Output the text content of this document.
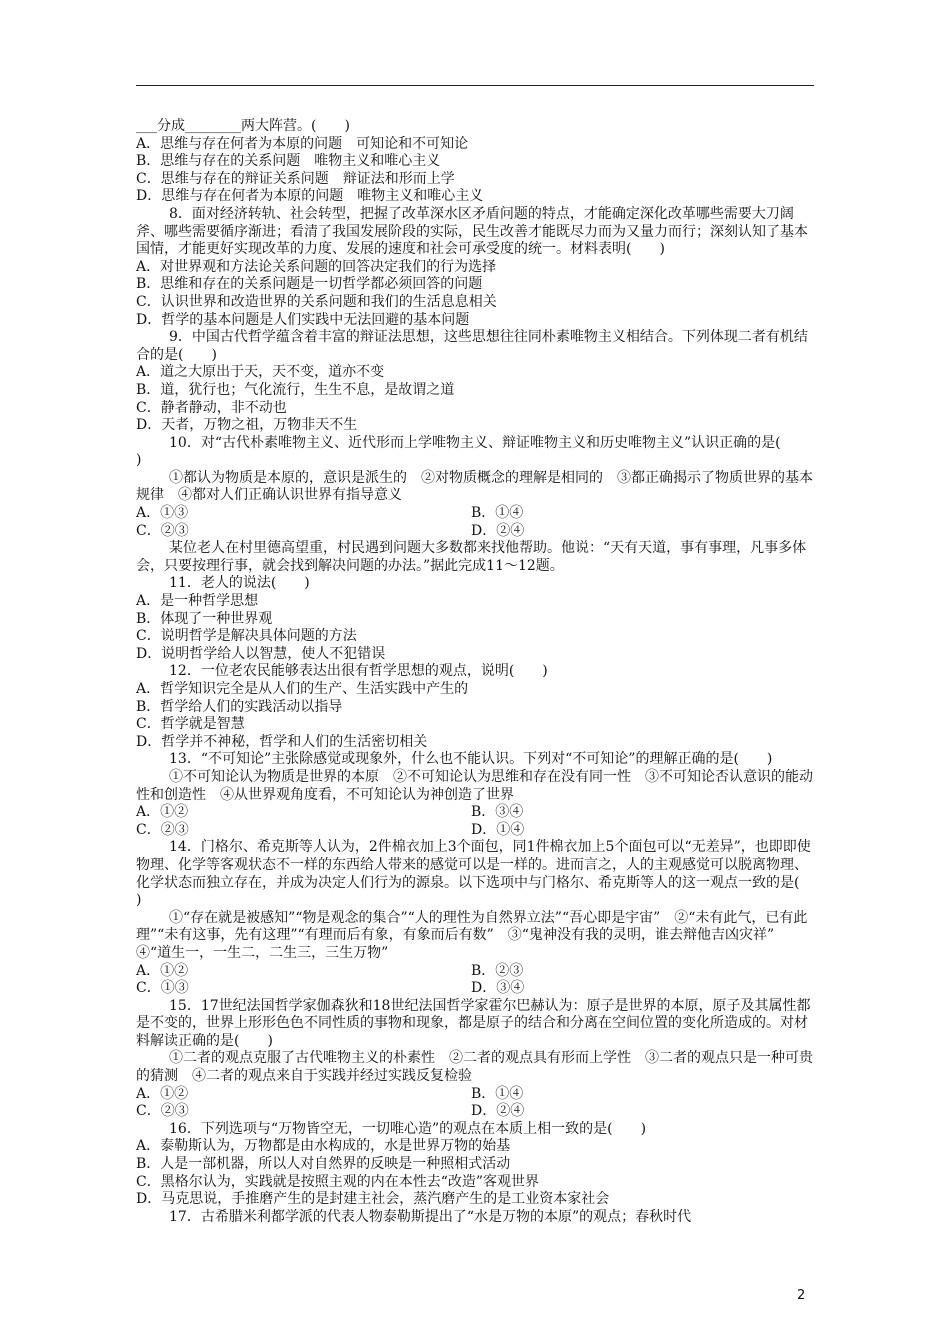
___分成________两大阵营。(　　)

A．思维与存在何者为本原的问题　可知论和不可知论

B．思维与存在的关系问题　唯物主义和唯心主义

C．思维与存在的辩证关系问题　辩证法和形而上学

D．思维与存在何者为本原的问题　唯物主义和唯心主义

8．面对经济转轨、社会转型，把握了改革深水区矛盾问题的特点，才能确定深化改革哪些需要大刀阔斧、哪些需要循序渐进；看清了我国发展阶段的实际，民生改善才能既尽力而为又量力而行；深刻认知了基本国情，才能更好实现改革的力度、发展的速度和社会可承受度的统一。材料表明(　　)

A．对世界观和方法论关系问题的回答决定我们的行为选择

B．思维和存在的关系问题是一切哲学都必须回答的问题

C．认识世界和改造世界的关系问题和我们的生活息息相关

D．哲学的基本问题是人们实践中无法回避的基本问题

9．中国古代哲学蕴含着丰富的辩证法思想，这些思想往往同朴素唯物主义相结合。下列体现二者有机结合的是(　　)

A．道之大原出于天，天不变，道亦不变

B．道，犹行也；气化流行，生生不息，是故谓之道

C．静者静动，非不动也

D．天者，万物之祖，万物非天不生

10．对“古代朴素唯物主义、近代形而上学唯物主义、辩证唯物主义和历史唯物主义”认识正确的是(　　)

①都认为物质是本原的，意识是派生的　②对物质概念的理解是相同的　③都正确揭示了物质世界的基本规律　④都对人们正确认识世界有指导意义

A．①③	B．①④

C．②③	D．②④

某位老人在村里德高望重，村民遇到问题大多数都来找他帮助。他说：“天有天道，事有事理，凡事多体会，只要按理行事，就会找到解决问题的办法。”据此完成11～12题。

11．老人的说法(　　)

A．是一种哲学思想

B．体现了一种世界观

C．说明哲学是解决具体问题的方法

D．说明哲学给人以智慧，使人不犯错误

12．一位老农民能够表达出很有哲学思想的观点，说明(　　)

A．哲学知识完全是从人们的生产、生活实践中产生的

B．哲学给人们的实践活动以指导

C．哲学就是智慧

D．哲学并不神秘，哲学和人们的生活密切相关

13．“不可知论”主张除感觉或现象外，什么也不能认识。下列对“不可知论”的理解正确的是(　　)

①不可知论认为物质是世界的本原　②不可知论认为思维和存在没有同一性　③不可知论否认意识的能动性和创造性　④从世界观角度看，不可知论认为神创造了世界

A．①②	B．③④

C．②③	D．①④

14．门格尔、希克斯等人认为，2件棉衣加上3个面包，同1件棉衣加上5个面包可以“无差异”，也即即使物理、化学等客观状态不一样的东西给人带来的感觉可以是一样的。进而言之，人的主观感觉可以脱离物理、化学状态而独立存在，并成为决定人们行为的源泉。以下选项中与门格尔、希克斯等人的这一观点一致的是(　　)

①“存在就是被感知”“物是观念的集合”“人的理性为自然界立法”“吾心即是宇宙”　②“未有此气，已有此理”“未有这事，先有这理”“有理而后有象，有象而后有数”　③“鬼神没有我的灵明，谁去辩他吉凶灾祥”　④“道生一，一生二，二生三，三生万物”

A．①②	B．②③

C．①③	D．③④

15．17世纪法国哲学家伽森狄和18世纪法国哲学家霍尔巴赫认为：原子是世界的本原，原子及其属性都是不变的，世界上形形色色不同性质的事物和现象，都是原子的结合和分离在空间位置的变化所造成的。对材料解读正确的是(　　)

①二者的观点克服了古代唯物主义的朴素性　②二者的观点具有形而上学性　③二者的观点只是一种可贵的猜测　④二者的观点来自于实践并经过实践反复检验

A．①②	B．①④

C．②③	D．②④

16．下列选项与“万物皆空无，一切唯心造”的观点在本质上相一致的是(　　)

A．泰勒斯认为，万物都是由水构成的，水是世界万物的始基

B．人是一部机器，所以人对自然界的反映是一种照相式活动

C．黑格尔认为，实践就是按照主观的内在本性去“改造”客观世界

D．马克思说，手推磨产生的是封建主社会，蒸汽磨产生的是工业资本家社会

17．古希腊米利都学派的代表人物泰勒斯提出了“水是万物的本原”的观点；春秋时代

2
